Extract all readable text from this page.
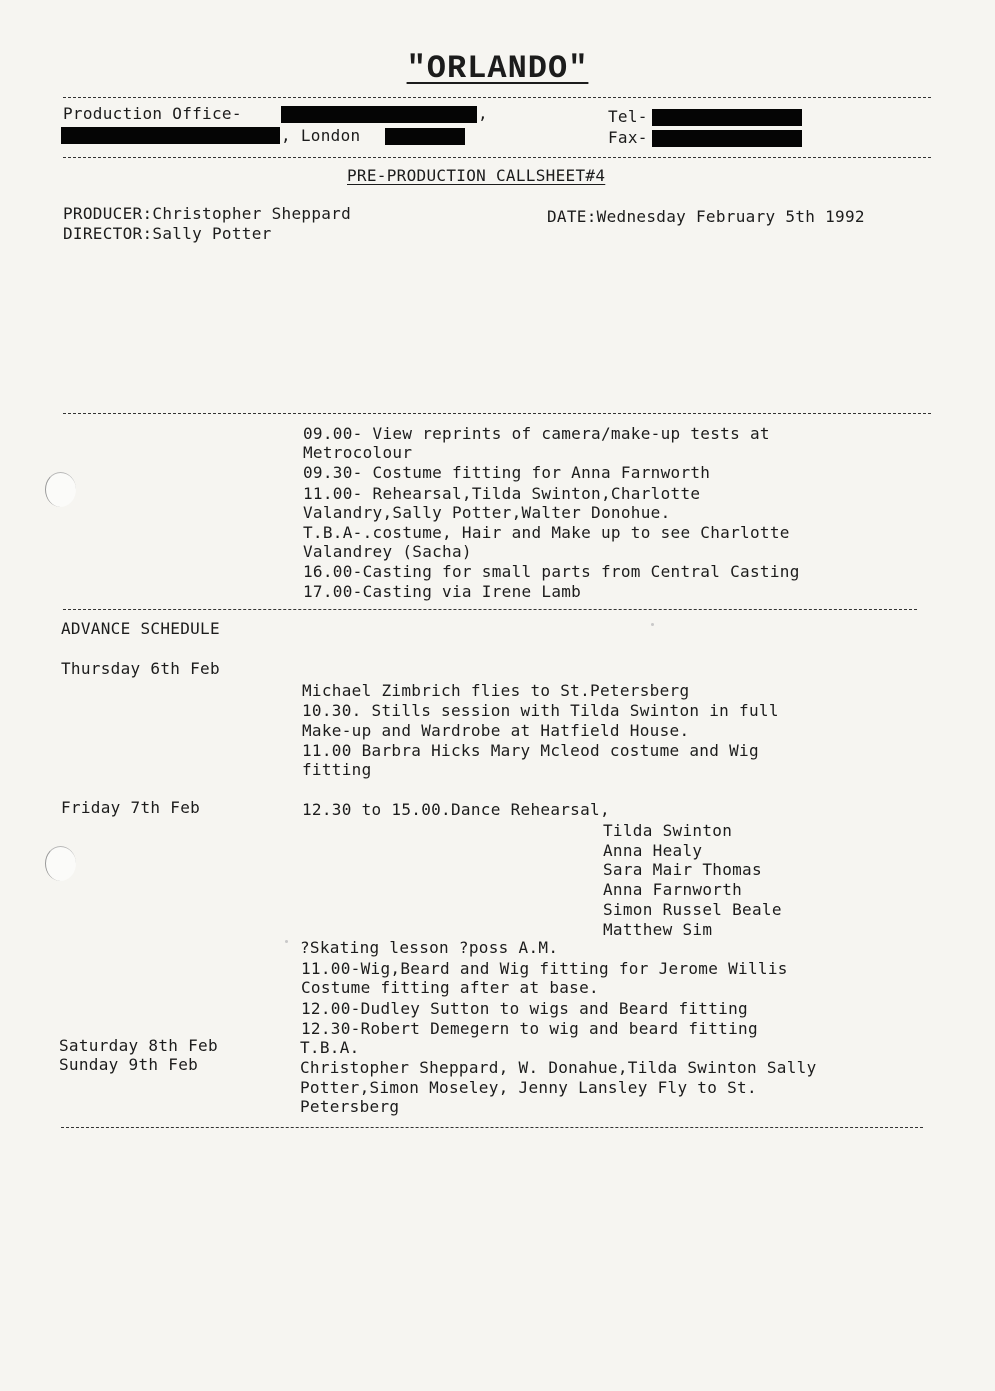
"ORLANDO"
Production Office-	,
, London
Tel-
Fax-
PRE-PRODUCTION CALLSHEET#4
PRODUCER:Christopher Sheppard
DIRECTOR:Sally Potter
DATE:Wednesday February 5th 1992
09.00- View reprints of camera/make-up tests at
Metrocolour
09.30- Costume fitting for Anna Farnworth
11.00- Rehearsal,Tilda Swinton,Charlotte
Valandry,Sally Potter,Walter Donohue.
T.B.A-.costume, Hair and Make up to see Charlotte
Valandrey (Sacha)
16.00-Casting for small parts from Central Casting
17.00-Casting via Irene Lamb
ADVANCE SCHEDULE
Thursday 6th Feb
Michael Zimbrich flies to St.Petersberg
10.30. Stills session with Tilda Swinton in full
Make-up and Wardrobe at Hatfield House.
11.00 Barbra Hicks Mary Mcleod costume and Wig
fitting
Friday 7th Feb	12.30 to 15.00.Dance Rehearsal,
Tilda Swinton
Anna Healy
Sara Mair Thomas
Anna Farnworth
Simon Russel Beale
Matthew Sim
?Skating lesson ?poss A.M.
11.00-Wig,Beard and Wig fitting for Jerome Willis
Costume fitting after at base.
12.00-Dudley Sutton to wigs and Beard fitting
12.30-Robert Demegern to wig and beard fitting
Saturday 8th Feb	T.B.A.
Sunday 9th Feb	Christopher Sheppard, W. Donahue,Tilda Swinton Sally
Potter,Simon Moseley, Jenny Lansley Fly to St.
Petersberg
